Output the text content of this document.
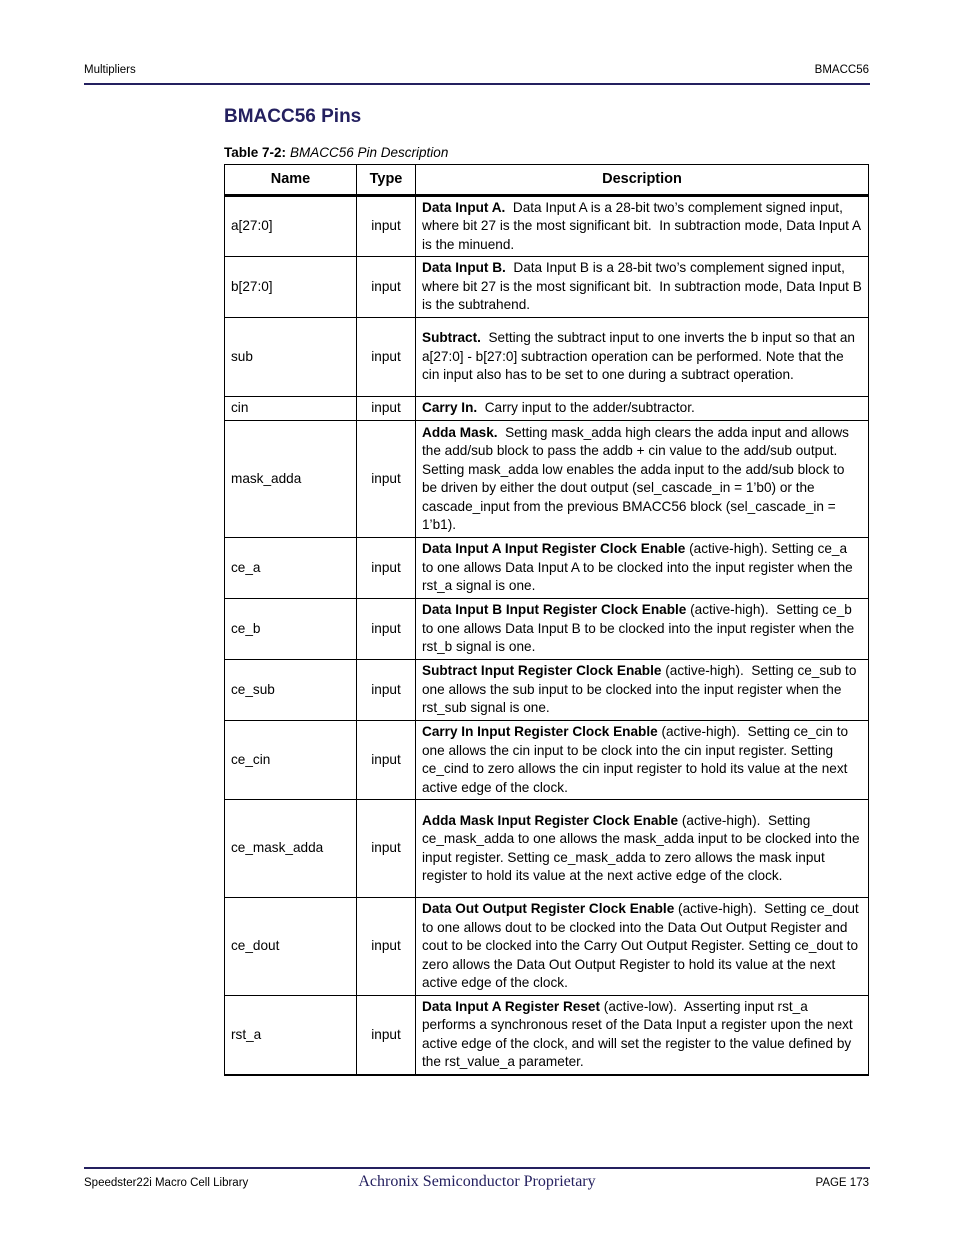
Multipliers	BMACC56
BMACC56 Pins
Table 7-2: BMACC56 Pin Description
Name	Type	Description
a[27:0]	input	Data Input A.  Data Input A is a 28-bit two’s complement signed input, where bit 27 is the most significant bit.  In subtraction mode, Data Input A is the minuend.
b[27:0]	input	Data Input B.  Data Input B is a 28-bit two’s complement signed input, where bit 27 is the most significant bit.  In subtraction mode, Data Input B is the subtrahend.
sub	input	Subtract.  Setting the subtract input to one inverts the b input so that an a[27:0] - b[27:0] subtraction operation can be performed. Note that the cin input also has to be set to one during a subtract operation.
cin	input	Carry In.  Carry input to the adder/subtractor.
mask_adda	input	Adda Mask.  Setting mask_adda high clears the adda input and allows the add/sub block to pass the addb + cin value to the add/sub output.  Setting mask_adda low enables the adda input to the add/sub block to be driven by either the dout output (sel_cascade_in = 1’b0) or the cascade_input from the previous BMACC56 block (sel_cascade_in = 1’b1).
ce_a	input	Data Input A Input Register Clock Enable (active-high). Setting ce_a to one allows Data Input A to be clocked into the input register when the rst_a signal is one.
ce_b	input	Data Input B Input Register Clock Enable (active-high).  Setting ce_b to one allows Data Input B to be clocked into the input register when the rst_b signal is one.
ce_sub	input	Subtract Input Register Clock Enable (active-high).  Setting ce_sub to one allows the sub input to be clocked into the input register when the rst_sub signal is one.
ce_cin	input	Carry In Input Register Clock Enable (active-high).  Setting ce_cin to one allows the cin input to be clock into the cin input register. Setting ce_cind to zero allows the cin input register to hold its value at the next active edge of the clock.
ce_mask_adda	input	Adda Mask Input Register Clock Enable (active-high).  Setting ce_mask_adda to one allows the mask_adda input to be clocked into the input register. Setting ce_mask_adda to zero allows the mask input register to hold its value at the next active edge of the clock.
ce_dout	input	Data Out Output Register Clock Enable (active-high).  Setting ce_dout to one allows dout to be clocked into the Data Out Output Register and cout to be clocked into the Carry Out Output Register. Setting ce_dout to zero allows the Data Out Output Register to hold its value at the next active edge of the clock.
rst_a	input	Data Input A Register Reset (active-low).  Asserting input rst_a performs a synchronous reset of the Data Input a register upon the next active edge of the clock, and will set the register to the value defined by the rst_value_a parameter.
Speedster22i Macro Cell Library	Achronix Semiconductor Proprietary	PAGE 173
